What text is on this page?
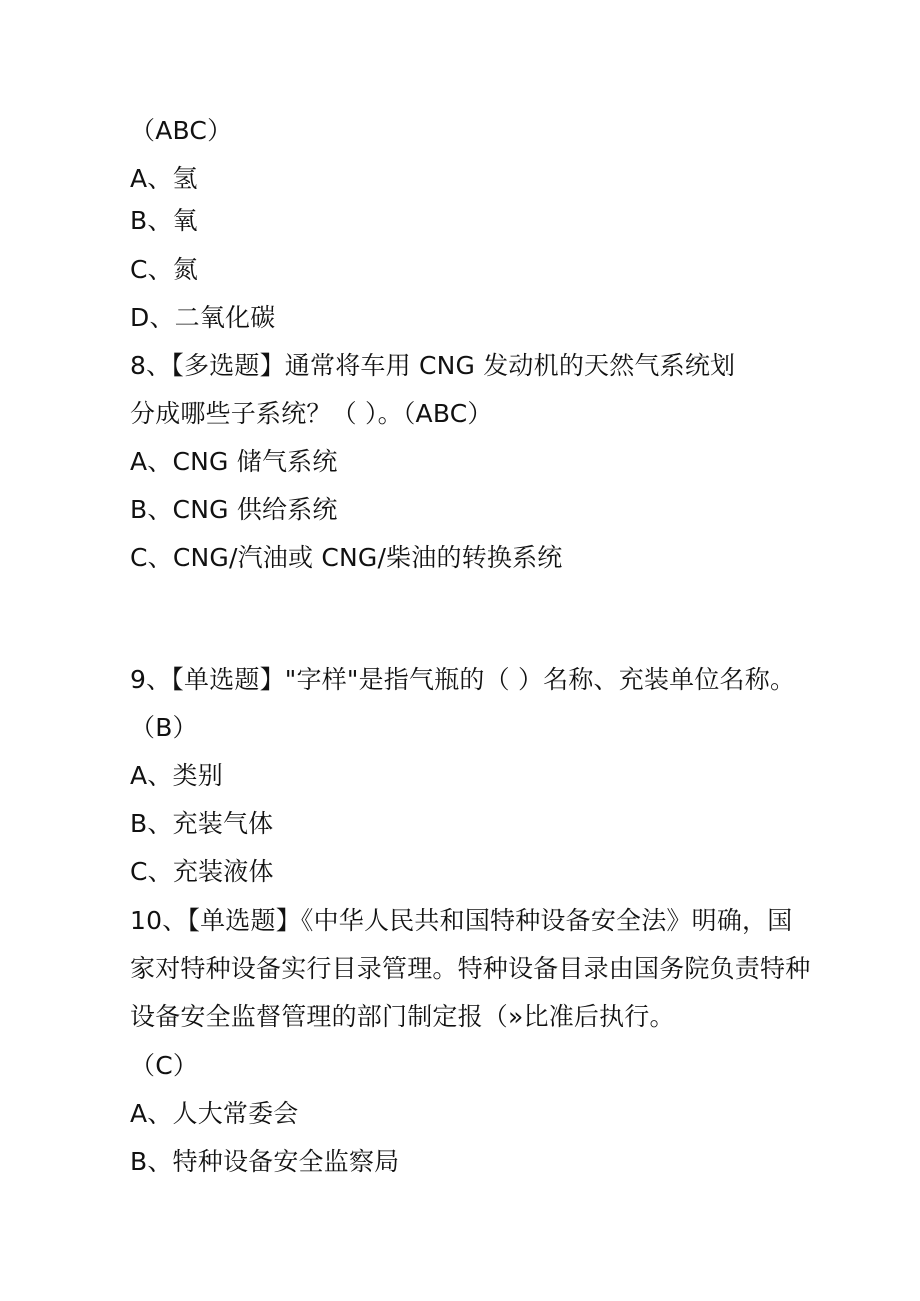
（ABC）
A、氢
B、氧
C、氮
D、二氧化碳
8、【多选题】通常将车用 CNG 发动机的天然气系统划
分成哪些子系统？（ ）。（ABC）
A、CNG 储气系统
B、CNG 供给系统
C、CNG/汽油或 CNG/柴油的转换系统
9、【单选题】"字样"是指气瓶的（ ）名称、充装单位名称。
（B）
A、类别
B、充装气体
C、充装液体
10、【单选题】《中华人民共和国特种设备安全法》明确，国
家对特种设备实行目录管理。特种设备目录由国务院负责特种
设备安全监督管理的部门制定报（»比准后执行。
（C）
A、人大常委会
B、特种设备安全监察局
